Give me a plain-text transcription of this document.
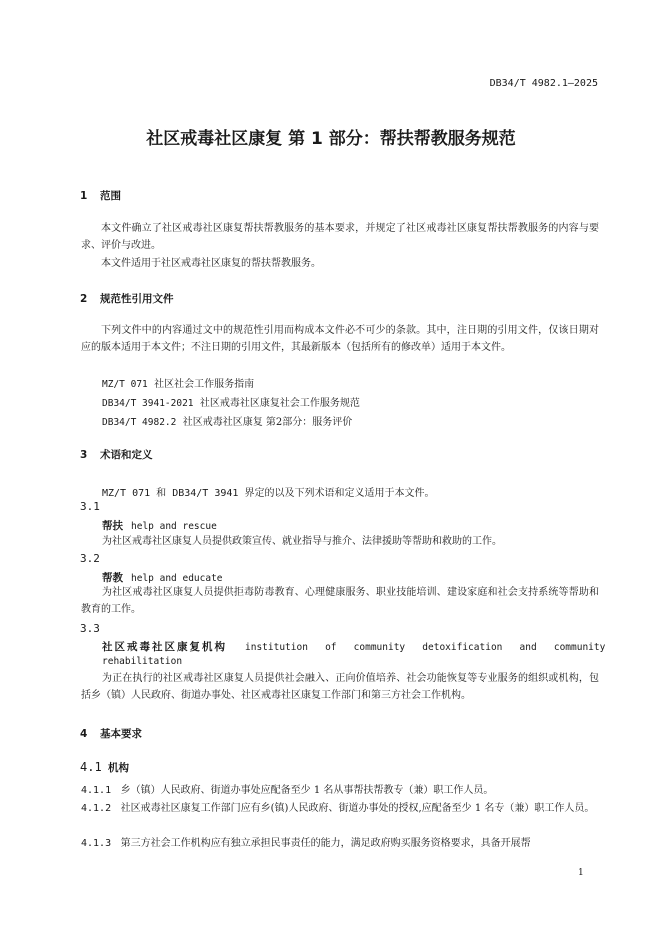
DB34/T 4982.1—2025
社区戒毒社区康复 第 1 部分：帮扶帮教服务规范
1 范围
本文件确立了社区戒毒社区康复帮扶帮教服务的基本要求，并规定了社区戒毒社区康复帮扶帮教服务的内容与要求、评价与改进。
本文件适用于社区戒毒社区康复的帮扶帮教服务。
2 规范性引用文件
下列文件中的内容通过文中的规范性引用而构成本文件必不可少的条款。其中，注日期的引用文件，仅该日期对应的版本适用于本文件；不注日期的引用文件，其最新版本（包括所有的修改单）适用于本文件。
MZ/T 071 社区社会工作服务指南
DB34/T 3941-2021 社区戒毒社区康复社会工作服务规范
DB34/T 4982.2 社区戒毒社区康复 第2部分：服务评价
3 术语和定义
MZ/T 071 和 DB34/T 3941 界定的以及下列术语和定义适用于本文件。
3.1
帮扶 help and rescue
为社区戒毒社区康复人员提供政策宣传、就业指导与推介、法律援助等帮助和救助的工作。
3.2
帮教 help and educate
为社区戒毒社区康复人员提供拒毒防毒教育、心理健康服务、职业技能培训、建设家庭和社会支持系统等帮助和教育的工作。
3.3
社区戒毒社区康复机构 institution   of   community   detoxification   and   community
rehabilitation
为正在执行的社区戒毒社区康复人员提供社会融入、正向价值培养、社会功能恢复等专业服务的组织或机构，包括乡（镇）人民政府、街道办事处、社区戒毒社区康复工作部门和第三方社会工作机构。
4 基本要求
4.1 机构
4.1.1 乡（镇）人民政府、街道办事处应配备至少 1 名从事帮扶帮教专（兼）职工作人员。
4.1.2 社区戒毒社区康复工作部门应有乡(镇)人民政府、街道办事处的授权,应配备至少 1 名专（兼）职工作人员。
4.1.3 第三方社会工作机构应有独立承担民事责任的能力，满足政府购买服务资格要求，具备开展帮
1
